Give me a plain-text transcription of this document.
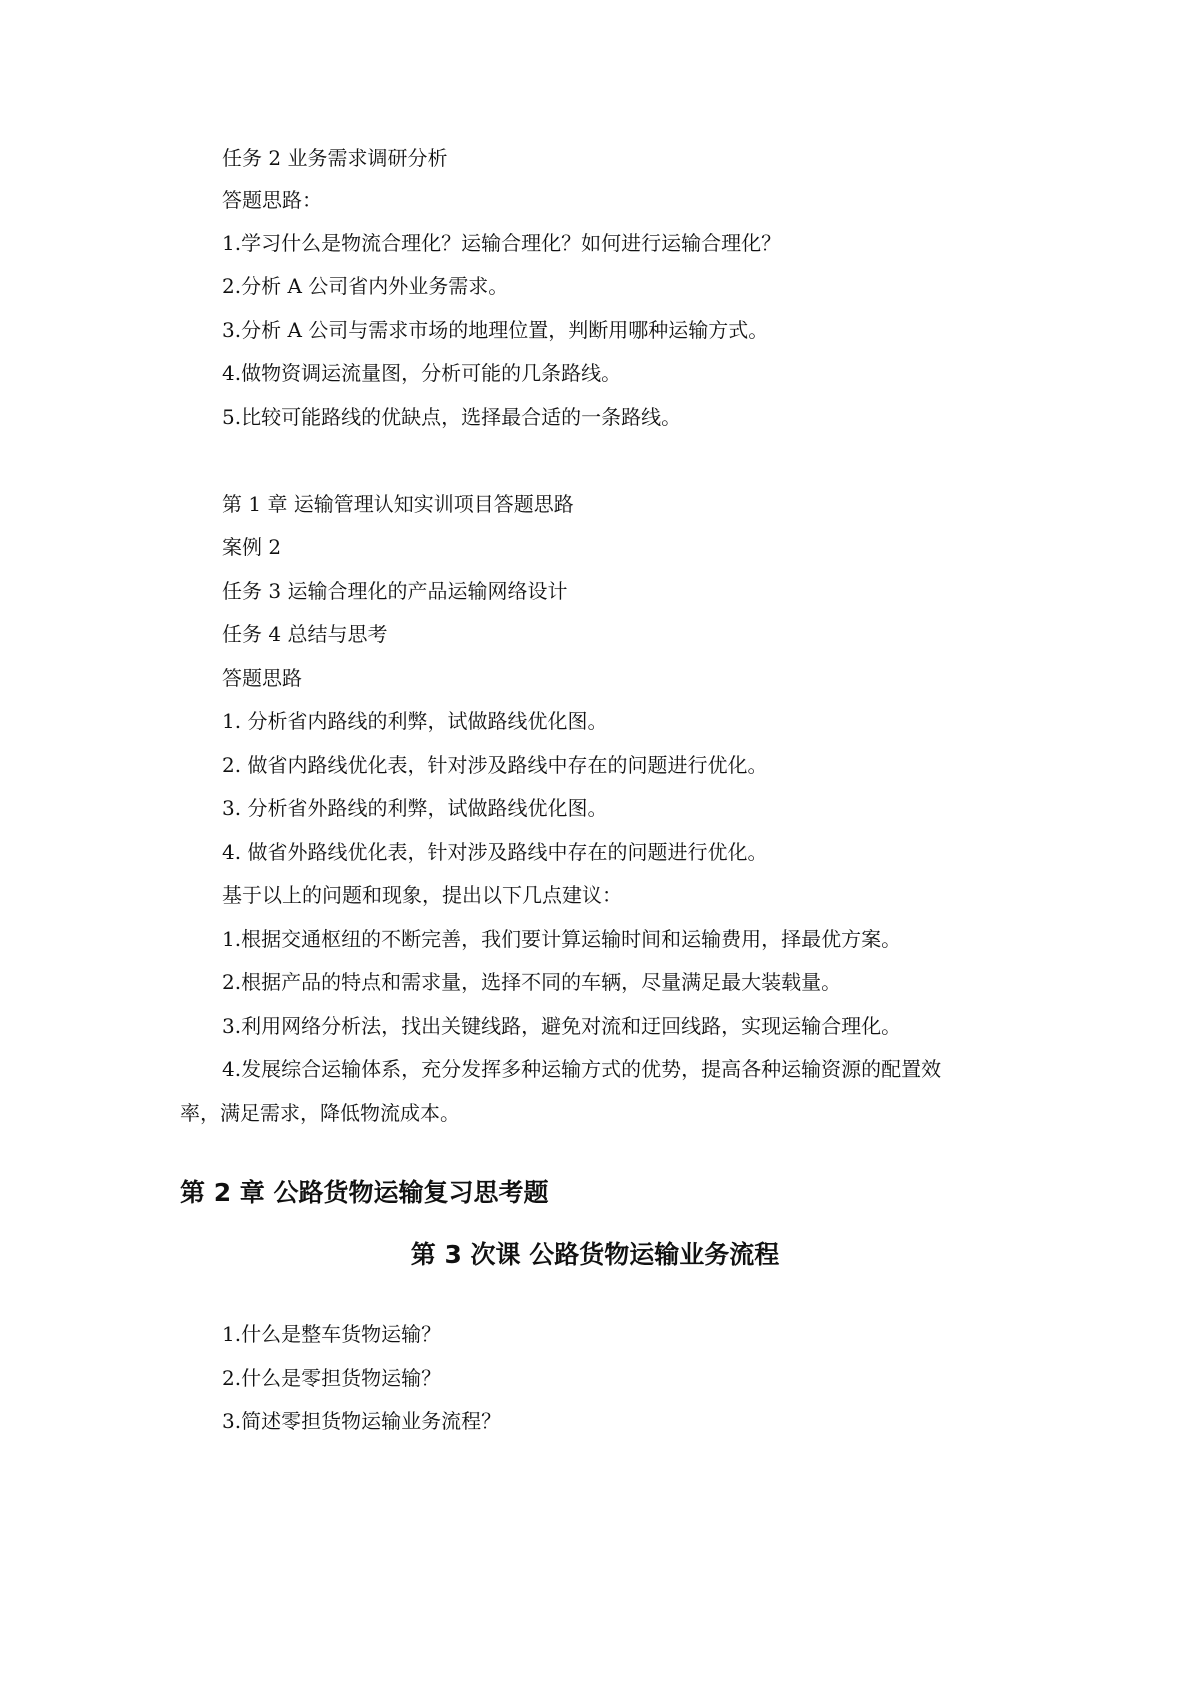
任务 2 业务需求调研分析
答题思路：
1.学习什么是物流合理化？运输合理化？如何进行运输合理化？
2.分析 A 公司省内外业务需求。
3.分析 A 公司与需求市场的地理位置，判断用哪种运输方式。
4.做物资调运流量图，分析可能的几条路线。
5.比较可能路线的优缺点，选择最合适的一条路线。
第 1 章 运输管理认知实训项目答题思路
案例 2
任务 3 运输合理化的产品运输网络设计
任务 4 总结与思考
答题思路
1. 分析省内路线的利弊，试做路线优化图。
2. 做省内路线优化表，针对涉及路线中存在的问题进行优化。
3. 分析省外路线的利弊，试做路线优化图。
4. 做省外路线优化表，针对涉及路线中存在的问题进行优化。
基于以上的问题和现象，提出以下几点建议：
1.根据交通枢纽的不断完善，我们要计算运输时间和运输费用，择最优方案。
2.根据产品的特点和需求量，选择不同的车辆，尽量满足最大装载量。
3.利用网络分析法，找出关键线路，避免对流和迂回线路，实现运输合理化。
4.发展综合运输体系，充分发挥多种运输方式的优势，提高各种运输资源的配置效
率，满足需求，降低物流成本。
第 2 章 公路货物运输复习思考题
第 3 次课 公路货物运输业务流程
1.什么是整车货物运输？
2.什么是零担货物运输？
3.简述零担货物运输业务流程？
